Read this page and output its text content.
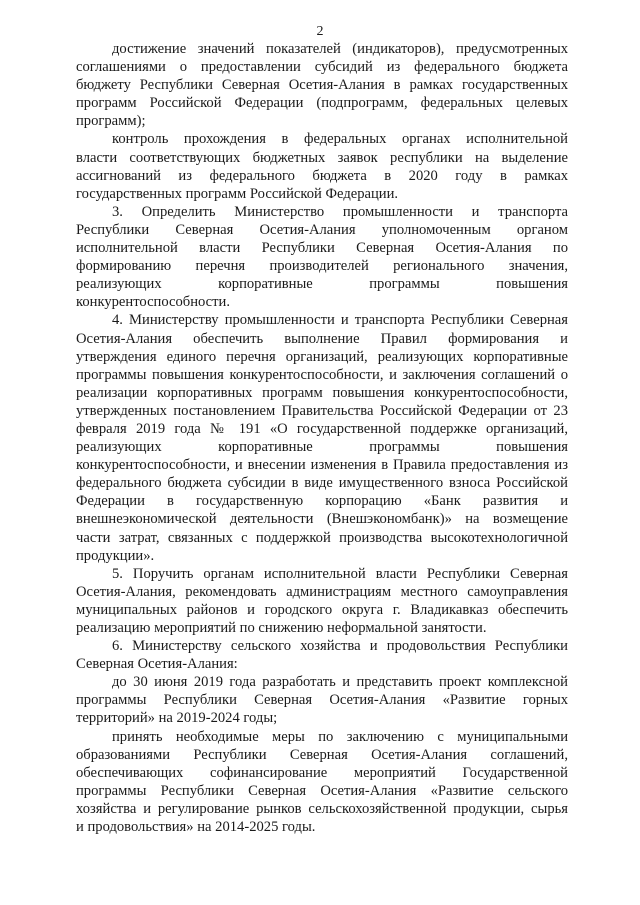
2
достижение значений показателей (индикаторов), предусмотренных
соглашениями о предоставлении субсидий из федерального бюджета
бюджету Республики Северная Осетия-Алания в рамках государственных
программ Российской Федерации (подпрограмм, федеральных целевых
программ);
контроль прохождения в федеральных органах исполнительной
власти соответствующих бюджетных заявок республики на выделение
ассигнований из федерального бюджета в 2020 году в рамках
государственных программ Российской Федерации.
3. Определить Министерство промышленности и транспорта
Республики Северная Осетия-Алания уполномоченным органом
исполнительной власти Республики Северная Осетия-Алания по
формированию перечня производителей регионального значения,
реализующих корпоративные программы повышения
конкурентоспособности.
4. Министерству промышленности и транспорта Республики Северная
Осетия-Алания обеспечить выполнение Правил формирования и
утверждения единого перечня организаций, реализующих корпоративные
программы повышения конкурентоспособности, и заключения соглашений о
реализации корпоративных программ повышения конкурентоспособности,
утвержденных постановлением Правительства Российской Федерации от 23
февраля 2019 года № 191 «О государственной поддержке организаций,
реализующих корпоративные программы повышения
конкурентоспособности, и внесении изменения в Правила предоставления из
федерального бюджета субсидии в виде имущественного взноса Российской
Федерации в государственную корпорацию «Банк развития и
внешнеэкономической деятельности (Внешэкономбанк)» на возмещение
части затрат, связанных с поддержкой производства высокотехнологичной
продукции».
5. Поручить органам исполнительной власти Республики Северная
Осетия-Алания, рекомендовать администрациям местного самоуправления
муниципальных районов и городского округа г. Владикавказ обеспечить
реализацию мероприятий по снижению неформальной занятости.
6. Министерству сельского хозяйства и продовольствия Республики
Северная Осетия-Алания:
до 30 июня 2019 года разработать и представить проект комплексной
программы Республики Северная Осетия-Алания «Развитие горных
территорий» на 2019-2024 годы;
принять необходимые меры по заключению с муниципальными
образованиями Республики Северная Осетия-Алания соглашений,
обеспечивающих софинансирование мероприятий Государственной
программы Республики Северная Осетия-Алания «Развитие сельского
хозяйства и регулирование рынков сельскохозяйственной продукции, сырья
и продовольствия» на 2014-2025 годы.
